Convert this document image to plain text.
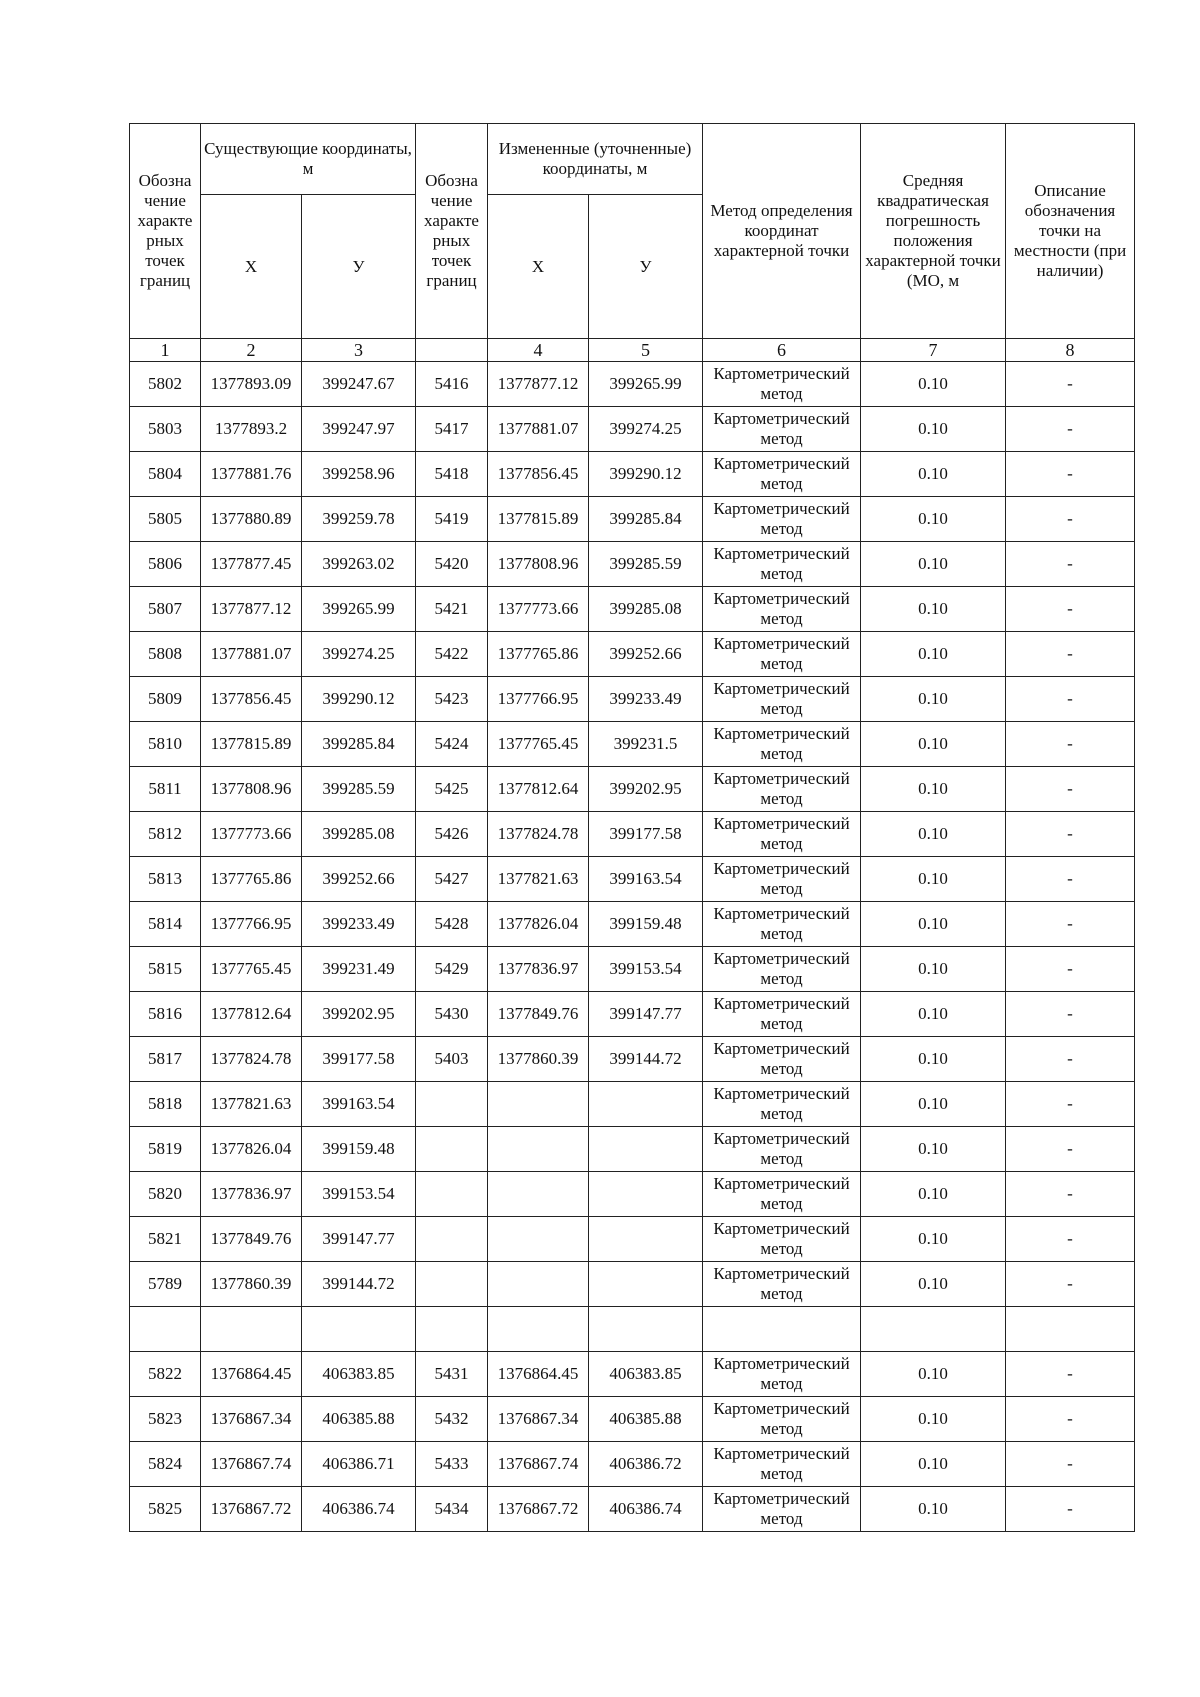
Обозна чение характе рных точек границ	Существующие координаты, м		Обозна чение характе рных точек границ	Измененные (уточненные) координаты, м		Метод определения координат характерной точки	Средняя квадратическая погрешность положения характерной точки (МО, м	Описание обозначения точки на местности (при наличии)
	X	У		X	У			
1	2	3		4	5	6	7	8
5802	1377893.09	399247.67	5416	1377877.12	399265.99	Картометрический метод	0.10	-
5803	1377893.2	399247.97	5417	1377881.07	399274.25	Картометрический метод	0.10	-
5804	1377881.76	399258.96	5418	1377856.45	399290.12	Картометрический метод	0.10	-
5805	1377880.89	399259.78	5419	1377815.89	399285.84	Картометрический метод	0.10	-
5806	1377877.45	399263.02	5420	1377808.96	399285.59	Картометрический метод	0.10	-
5807	1377877.12	399265.99	5421	1377773.66	399285.08	Картометрический метод	0.10	-
5808	1377881.07	399274.25	5422	1377765.86	399252.66	Картометрический метод	0.10	-
5809	1377856.45	399290.12	5423	1377766.95	399233.49	Картометрический метод	0.10	-
5810	1377815.89	399285.84	5424	1377765.45	399231.5	Картометрический метод	0.10	-
5811	1377808.96	399285.59	5425	1377812.64	399202.95	Картометрический метод	0.10	-
5812	1377773.66	399285.08	5426	1377824.78	399177.58	Картометрический метод	0.10	-
5813	1377765.86	399252.66	5427	1377821.63	399163.54	Картометрический метод	0.10	-
5814	1377766.95	399233.49	5428	1377826.04	399159.48	Картометрический метод	0.10	-
5815	1377765.45	399231.49	5429	1377836.97	399153.54	Картометрический метод	0.10	-
5816	1377812.64	399202.95	5430	1377849.76	399147.77	Картометрический метод	0.10	-
5817	1377824.78	399177.58	5403	1377860.39	399144.72	Картометрический метод	0.10	-
5818	1377821.63	399163.54				Картометрический метод	0.10	-
5819	1377826.04	399159.48				Картометрический метод	0.10	-
5820	1377836.97	399153.54				Картометрический метод	0.10	-
5821	1377849.76	399147.77				Картометрический метод	0.10	-
5789	1377860.39	399144.72				Картометрический метод	0.10	-

5822	1376864.45	406383.85	5431	1376864.45	406383.85	Картометрический метод	0.10	-
5823	1376867.34	406385.88	5432	1376867.34	406385.88	Картометрический метод	0.10	-
5824	1376867.74	406386.71	5433	1376867.74	406386.72	Картометрический метод	0.10	-
5825	1376867.72	406386.74	5434	1376867.72	406386.74	Картометрический метод	0.10	-
